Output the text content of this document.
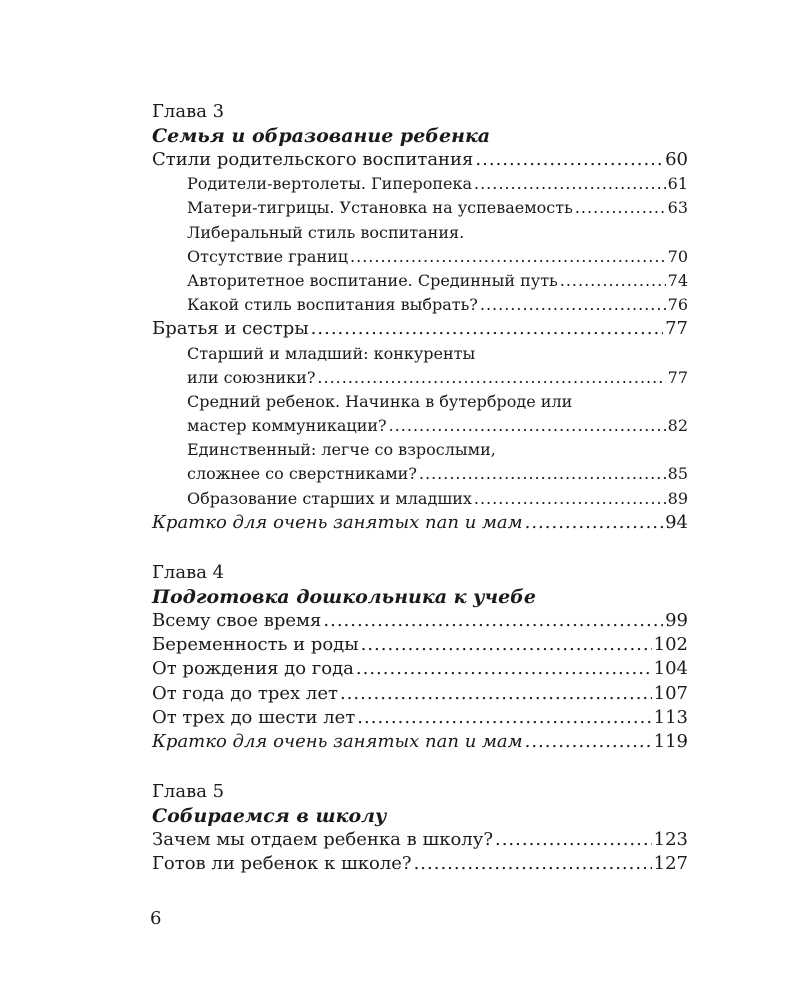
Глава 3
Семья и образование ребенка
Стили родительского воспитания .....	60
Родители-вертолеты. Гиперопека .....	61
Матери-тигрицы. Установка на успеваемость .....	63
Либеральный стиль воспитания.
Отсутствие границ .....	70
Авторитетное воспитание. Срединный путь .....	74
Какой стиль воспитания выбрать? .....	76
Братья и сестры .....	77
Старший и младший: конкуренты
или союзники? .....	77
Средний ребенок. Начинка в бутерброде или
мастер коммуникации? .....	82
Единственный: легче со взрослыми,
сложнее со сверстниками? .....	85
Образование старших и младших .....	89
Кратко для очень занятых пап и мам .....	94
Глава 4
Подготовка дошкольника к учебе
Всему свое время .....	99
Беременность и роды .....	102
От рождения до года .....	104
От года до трех лет .....	107
От трех до шести лет .....	113
Кратко для очень занятых пап и мам .....	119
Глава 5
Собираемся в школу
Зачем мы отдаем ребенка в школу? .....	123
Готов ли ребенок к школе? .....	127
6
